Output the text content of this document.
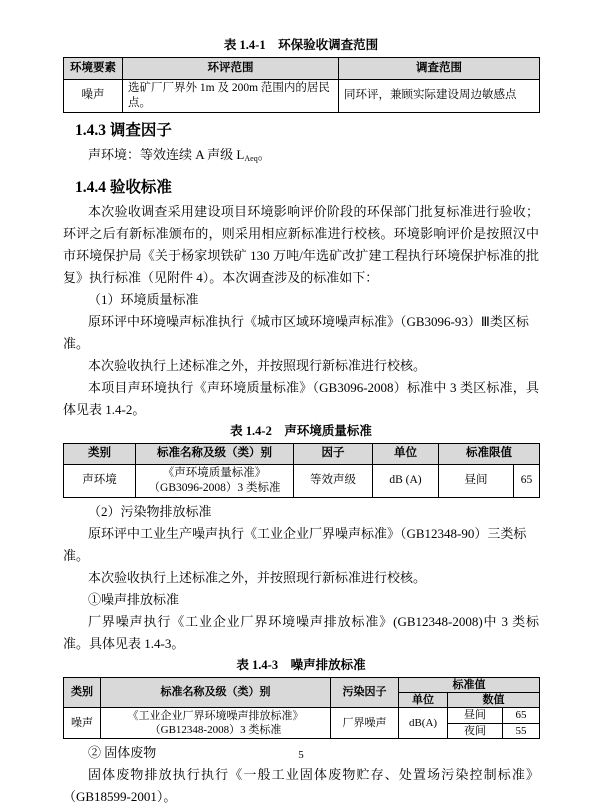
表 1.4-1　环保验收调查范围
环境要素	环评范围	调查范围
噪声	选矿厂厂界外 1m 及 200m 范围内的居民点。	同环评，兼顾实际建设周边敏感点
1.4.3 调查因子

声环境：等效连续 A 声级 $L_{Aeq}$。

1.4.4 验收标准

本次验收调查采用建设项目环境影响评价阶段的环保部门批复标准进行验收；环评之后有新标准颁布的，则采用相应新标准进行校核。环境影响评价是按照汉中市环境保护局《关于杨家坝铁矿 130 万吨/年选矿改扩建工程执行环境保护标准的批复》执行标准（见附件 4）。本次调查涉及的标准如下：

（1）环境质量标准

原环评中环境噪声标准执行《城市区域环境噪声标准》（GB3096-93）Ⅲ类区标准。

本次验收执行上述标准之外，并按照现行新标准进行校核。

本项目声环境执行《声环境质量标准》（GB3096-2008）标准中 3 类区标准，具体见表 1.4-2。

表 1.4-2　声环境质量标准
类别	标准名称及级（类）别	因子	单位	标准限值	
声环境	《声环境质量标准》
（GB3096-2008）3 类标准	等效声级	dB (A)	昼间	65

（2）污染物排放标准

原环评中工业生产噪声执行《工业企业厂界噪声标准》（GB12348-90）三类标准。

本次验收执行上述标准之外，并按照现行新标准进行校核。

①噪声排放标准

厂界噪声执行《工业企业厂界环境噪声排放标准》(GB12348-2008)中 3 类标准。具体见表 1.4-3。

表 1.4-3　噪声排放标准
类别	标准名称及级（类）别	污染因子	标准值		
			单位	数值	
噪声	《工业企业厂界环境噪声排放标准》
（GB12348-2008）3 类标准	厂界噪声	dB(A)	昼间	65
				夜间	55

② 固体废物

固体废物排放执行执行《一般工业固体废物贮存、处置场污染控制标准》（GB18599-2001）。

5
